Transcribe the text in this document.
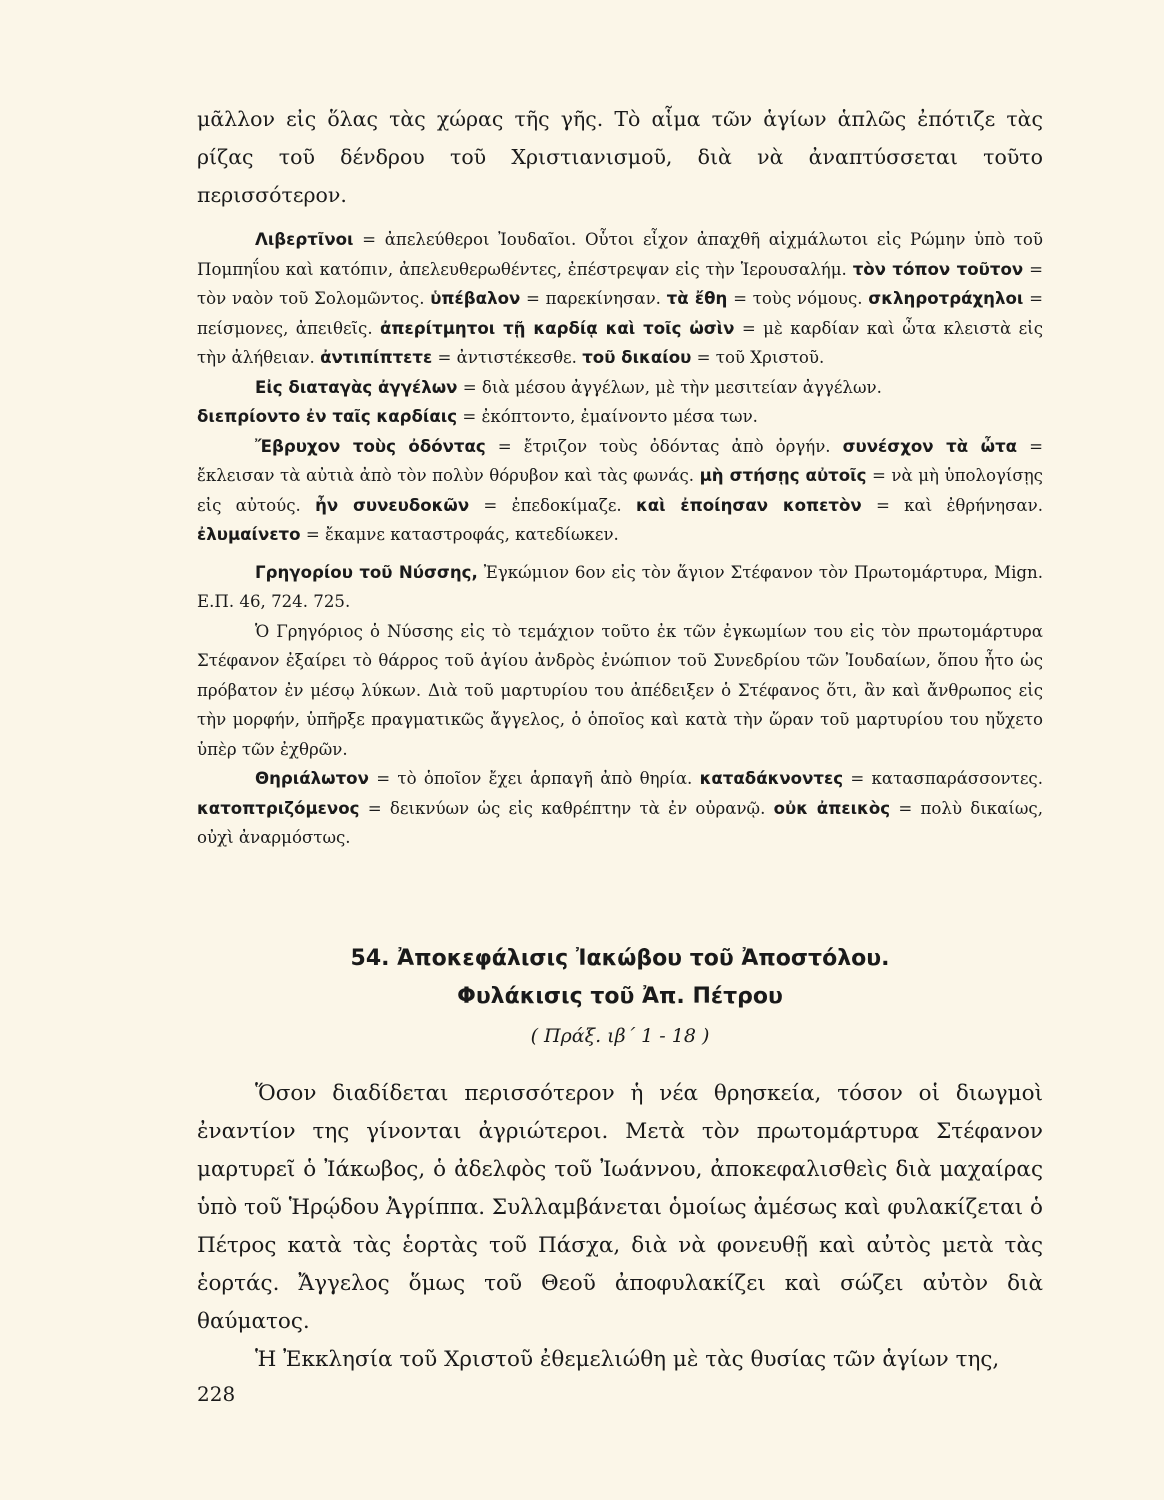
μᾶλλον εἰς ὅλας τὰς χώρας τῆς γῆς. Τὸ αἷμα τῶν ἁγίων ἁπλῶς ἐπότιζε τὰς ρίζας τοῦ δένδρου τοῦ Χριστιανισμοῦ, διὰ νὰ ἀναπτύσσεται τοῦτο περισσότερον.

Λιβερτῖνοι = ἀπελεύθεροι Ἰουδαῖοι. Οὗτοι εἶχον ἀπαχθῆ αἰχμάλωτοι εἰς Ρώμην ὑπὸ τοῦ Πομπηΐου καὶ κατόπιν, ἀπελευθερωθέντες, ἐπέστρεψαν εἰς τὴν Ἱερουσαλήμ. τὸν τόπον τοῦτον = τὸν ναὸν τοῦ Σολομῶντος. ὑπέβαλον = παρεκίνησαν. τὰ ἔθη = τοὺς νόμους. σκληροτράχηλοι = πείσμονες, ἀπειθεῖς. ἀπερίτμητοι τῇ καρδίᾳ καὶ τοῖς ὠσὶν = μὲ καρδίαν καὶ ὦτα κλειστὰ εἰς τὴν ἀλήθειαν. ἀντιπίπτετε = ἀντιστέκεσθε. τοῦ δικαίου = τοῦ Χριστοῦ.

Εἰς διαταγὰς ἀγγέλων = διὰ μέσου ἀγγέλων, μὲ τὴν μεσιτείαν ἀγγέλων.

διεπρίοντο ἐν ταῖς καρδίαις = ἐκόπτοντο, ἐμαίνοντο μέσα των.

Ἔβρυχον τοὺς ὀδόντας = ἔτριζον τοὺς ὀδόντας ἀπὸ ὀργήν. συνέσχον τὰ ὦτα = ἔκλεισαν τὰ αὐτιὰ ἀπὸ τὸν πολὺν θόρυβον καὶ τὰς φωνάς. μὴ στήσῃς αὐτοῖς = νὰ μὴ ὑπολογίσῃς εἰς αὐτούς. ἦν συνευδοκῶν = ἐπεδοκίμαζε. καὶ ἐποίησαν κοπετὸν = καὶ ἐθρήνησαν. ἐλυμαίνετο = ἔκαμνε καταστροφάς, κατεδίωκεν.

Γρηγορίου τοῦ Νύσσης, Ἐγκώμιον 6ον εἰς τὸν ἅγιον Στέφανον τὸν Πρωτομάρτυρα, Mign. Ε.Π. 46, 724. 725.

Ὁ Γρηγόριος ὁ Νύσσης εἰς τὸ τεμάχιον τοῦτο ἐκ τῶν ἐγκωμίων του εἰς τὸν πρωτομάρτυρα Στέφανον ἐξαίρει τὸ θάρρος τοῦ ἁγίου ἀνδρὸς ἐνώπιον τοῦ Συνεδρίου τῶν Ἰουδαίων, ὅπου ἦτο ὡς πρόβατον ἐν μέσῳ λύκων. Διὰ τοῦ μαρτυρίου του ἀπέδειξεν ὁ Στέφανος ὅτι, ἂν καὶ ἄνθρωπος εἰς τὴν μορφήν, ὑπῆρξε πραγματικῶς ἄγγελος, ὁ ὁποῖος καὶ κατὰ τὴν ὥραν τοῦ μαρτυρίου του ηὔχετο ὑπὲρ τῶν ἐχθρῶν.

Θηριάλωτον = τὸ ὁποῖον ἔχει ἁρπαγῆ ἀπὸ θηρία. καταδάκνοντες = κατασπαράσσοντες. κατοπτριζόμενος = δεικνύων ὡς εἰς καθρέπτην τὰ ἐν οὐρανῷ. οὐκ ἀπεικὸς = πολὺ δικαίως, οὐχὶ ἀναρμόστως.

54. Ἀποκεφάλισις Ἰακώβου τοῦ Ἀποστόλου.
Φυλάκισις τοῦ Ἀπ. Πέτρου
( Πράξ. ιβ΄ 1 - 18 )

Ὅσον διαδίδεται περισσότερον ἡ νέα θρησκεία, τόσον οἱ διωγμοὶ ἐναντίον της γίνονται ἀγριώτεροι. Μετὰ τὸν πρωτομάρτυρα Στέφανον μαρτυρεῖ ὁ Ἰάκωβος, ὁ ἀδελφὸς τοῦ Ἰωάννου, ἀποκεφαλισθεὶς διὰ μαχαίρας ὑπὸ τοῦ Ἡρῴδου Ἀγρίππα. Συλλαμβάνεται ὁμοίως ἀμέσως καὶ φυλακίζεται ὁ Πέτρος κατὰ τὰς ἑορτὰς τοῦ Πάσχα, διὰ νὰ φονευθῇ καὶ αὐτὸς μετὰ τὰς ἑορτάς. Ἄγγελος ὅμως τοῦ Θεοῦ ἀποφυλακίζει καὶ σώζει αὐτὸν διὰ θαύματος.

Ἡ Ἐκκλησία τοῦ Χριστοῦ ἐθεμελιώθη μὲ τὰς θυσίας τῶν ἁγίων της,

228
